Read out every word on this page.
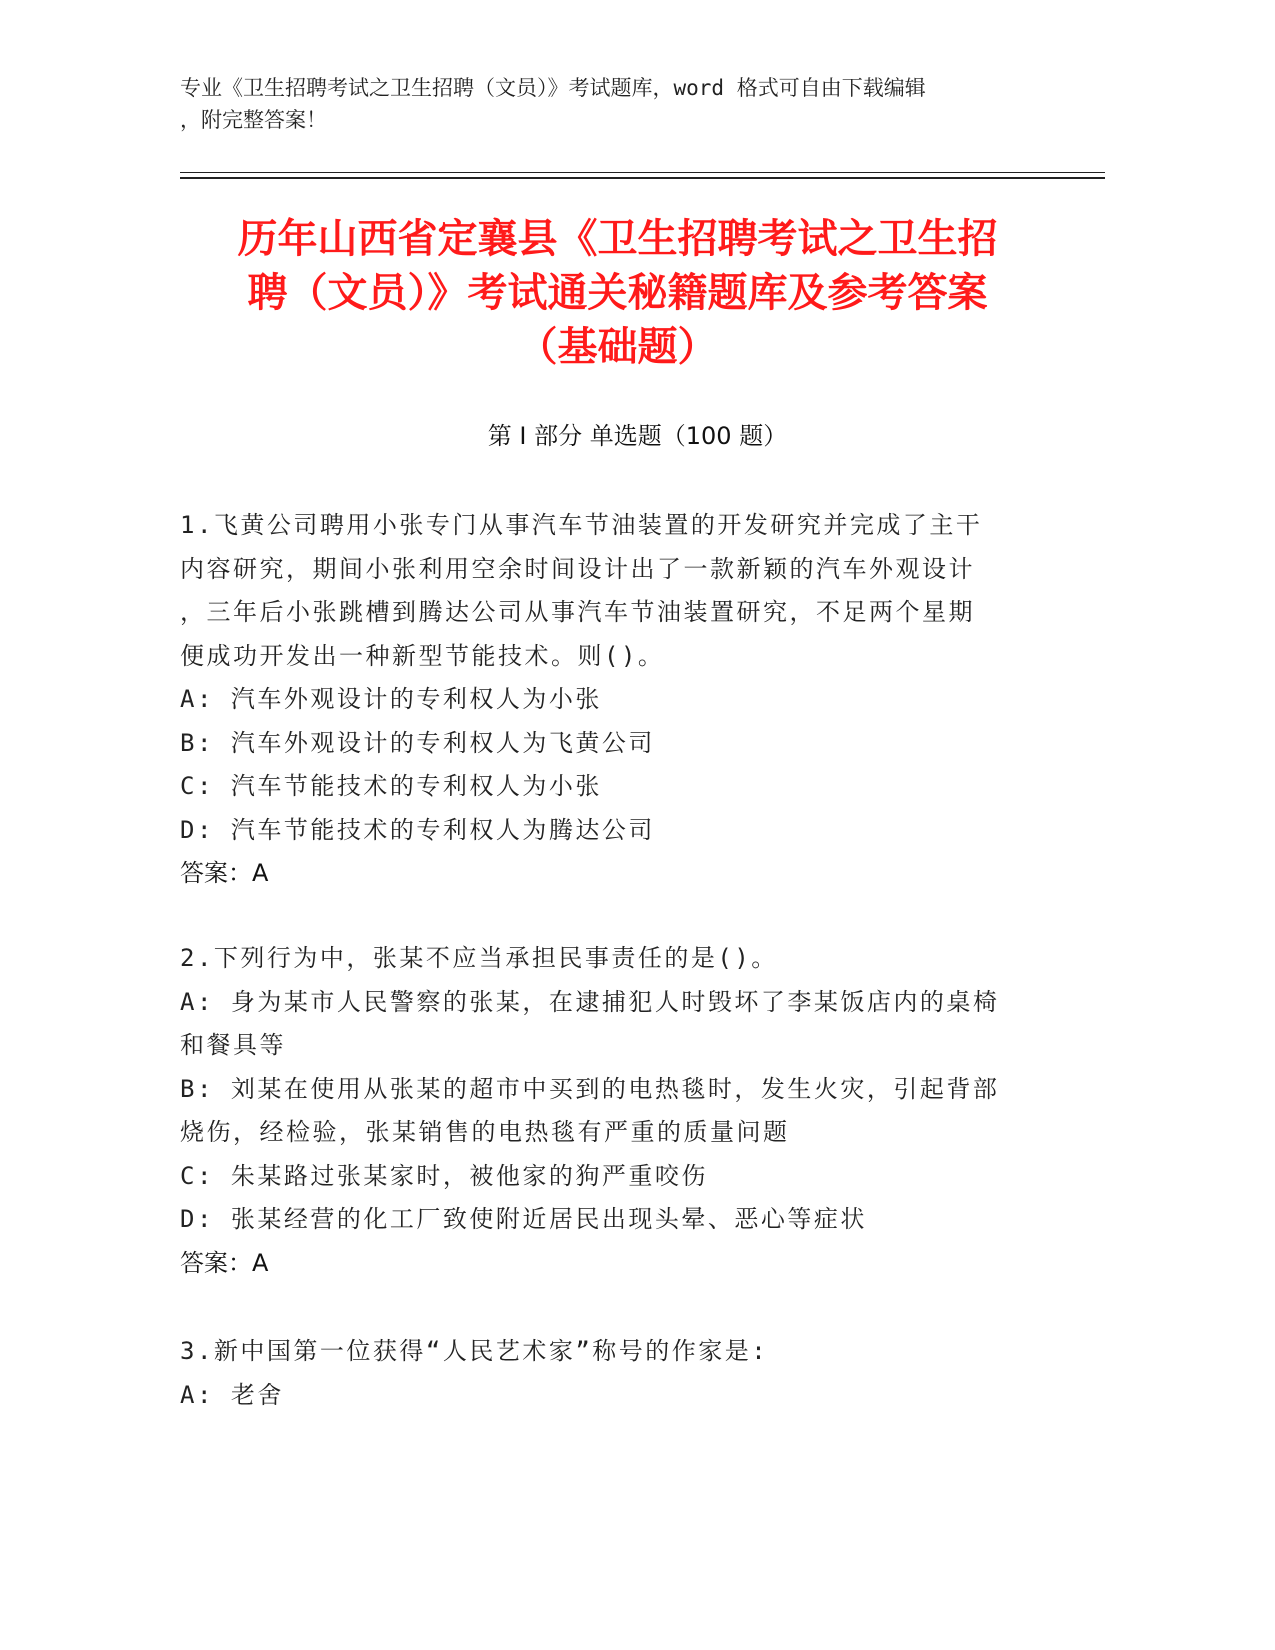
专业《卫生招聘考试之卫生招聘（文员）》考试题库，word 格式可自由下载编辑
，附完整答案！
历年山西省定襄县《卫生招聘考试之卫生招
聘（文员）》考试通关秘籍题库及参考答案
（基础题）
第 I 部分 单选题（100 题）
1.飞黄公司聘用小张专门从事汽车节油装置的开发研究并完成了主干
内容研究，期间小张利用空余时间设计出了一款新颖的汽车外观设计
，三年后小张跳槽到腾达公司从事汽车节油装置研究，不足两个星期
便成功开发出一种新型节能技术。则()。
A: 汽车外观设计的专利权人为小张
B: 汽车外观设计的专利权人为飞黄公司
C: 汽车节能技术的专利权人为小张
D: 汽车节能技术的专利权人为腾达公司
答案：A
2.下列行为中，张某不应当承担民事责任的是()。
A: 身为某市人民警察的张某，在逮捕犯人时毁坏了李某饭店内的桌椅
和餐具等
B: 刘某在使用从张某的超市中买到的电热毯时，发生火灾，引起背部
烧伤，经检验，张某销售的电热毯有严重的质量问题
C: 朱某路过张某家时，被他家的狗严重咬伤
D: 张某经营的化工厂致使附近居民出现头晕、恶心等症状
答案：A
3.新中国第一位获得“人民艺术家”称号的作家是:
A: 老舍
